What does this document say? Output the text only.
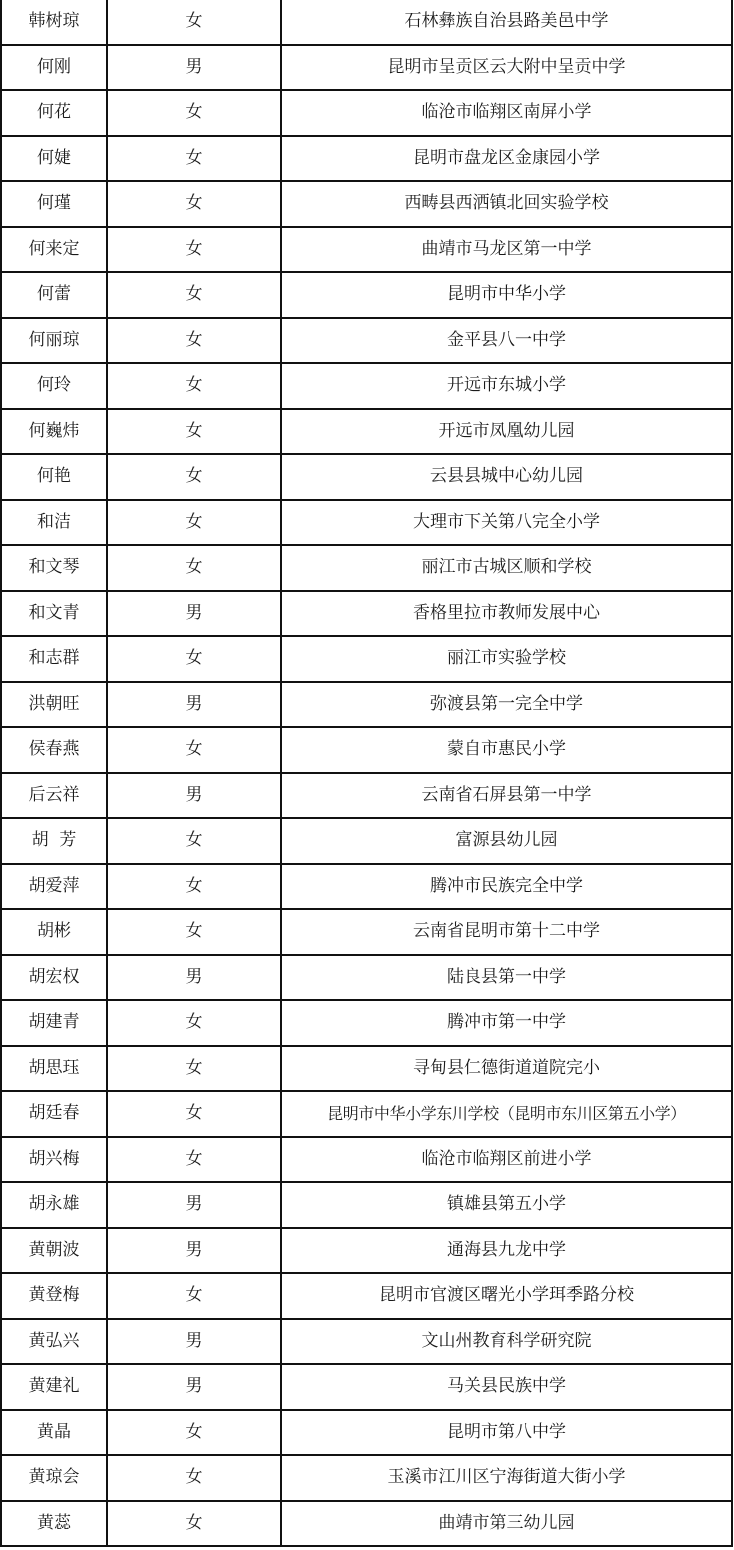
韩树琼	女	石林彝族自治县路美邑中学
何刚	男	昆明市呈贡区云大附中呈贡中学
何花	女	临沧市临翔区南屏小学
何婕	女	昆明市盘龙区金康园小学
何瑾	女	西畴县西洒镇北回实验学校
何来定	女	曲靖市马龙区第一中学
何蕾	女	昆明市中华小学
何丽琼	女	金平县八一中学
何玲	女	开远市东城小学
何巍炜	女	开远市凤凰幼儿园
何艳	女	云县县城中心幼儿园
和洁	女	大理市下关第八完全小学
和文琴	女	丽江市古城区顺和学校
和文青	男	香格里拉市教师发展中心
和志群	女	丽江市实验学校
洪朝旺	男	弥渡县第一完全中学
侯春燕	女	蒙自市惠民小学
后云祥	男	云南省石屏县第一中学
胡  芳	女	富源县幼儿园
胡爱萍	女	腾冲市民族完全中学
胡彬	女	云南省昆明市第十二中学
胡宏权	男	陆良县第一中学
胡建青	女	腾冲市第一中学
胡思珏	女	寻甸县仁德街道道院完小
胡廷春	女	昆明市中华小学东川学校（昆明市东川区第五小学）
胡兴梅	女	临沧市临翔区前进小学
胡永雄	男	镇雄县第五小学
黄朝波	男	通海县九龙中学
黄登梅	女	昆明市官渡区曙光小学珥季路分校
黄弘兴	男	文山州教育科学研究院
黄建礼	男	马关县民族中学
黄晶	女	昆明市第八中学
黄琼会	女	玉溪市江川区宁海街道大街小学
黄蕊	女	曲靖市第三幼儿园
